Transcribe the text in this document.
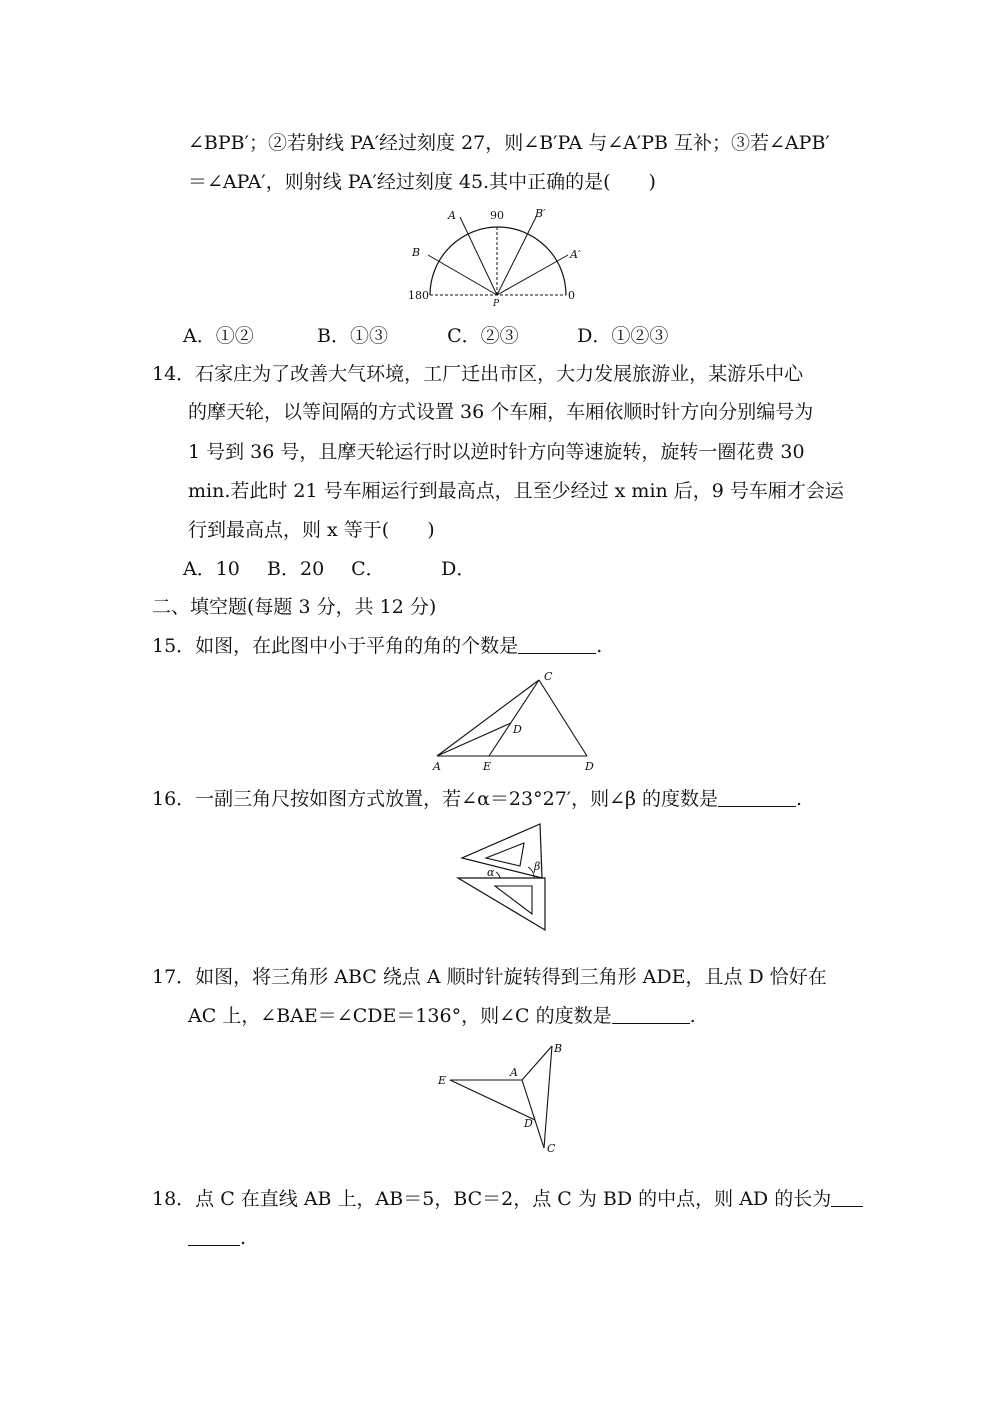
∠BPB′；②若射线 PA′经过刻度 27，则∠B′PA 与∠A′PB 互补；③若∠APB′
＝∠APA′，则射线 PA′经过刻度 45.其中正确的是(　　)
A	90	B′
B	A′
180	0
P
A．①②	B．①③	C．②③	D．①②③
14．石家庄为了改善大气环境，工厂迁出市区，大力发展旅游业，某游乐中心
的摩天轮，以等间隔的方式设置 36 个车厢，车厢依顺时针方向分别编号为
1 号到 36 号，且摩天轮运行时以逆时针方向等速旋转，旋转一圈花费 30
min.若此时 21 号车厢运行到最高点，且至少经过 x min 后，9 号车厢才会运
行到最高点，则 x 等于(　　)
A．10 B．20 C．	D．
二、填空题(每题 3 分，共 12 分)
15．如图，在此图中小于平角的角的个数是	.
C
D
A	E	D
16．一副三角尺按如图方式放置，若∠α＝23°27′，则∠β 的度数是	.
α	β
17．如图，将三角形 ABC 绕点 A 顺时针旋转得到三角形 ADE，且点 D 恰好在
AC 上，∠BAE＝∠CDE＝136°，则∠C 的度数是	.
B
A
E
D
C
18．点 C 在直线 AB 上，AB＝5，BC＝2，点 C 为 BD 的中点，则 AD 的长为
.
